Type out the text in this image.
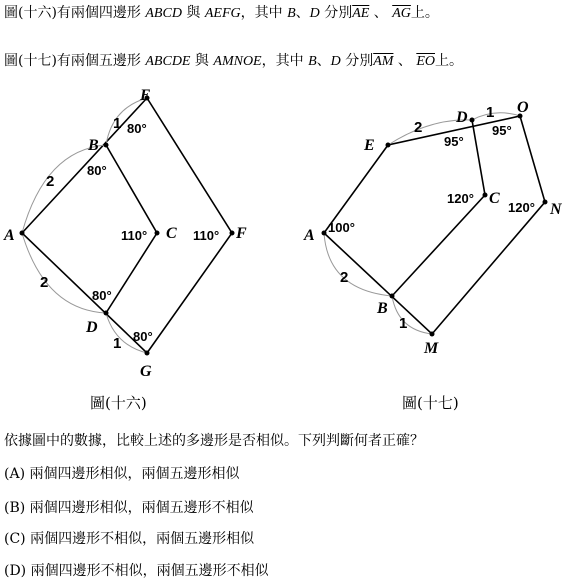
圖(十六)有兩個四邊形 ABCD 與 AEFG，其中 B、D 分別$\overline{AE}$ 、 $\overline{AG}$上。
圖(十七)有兩個五邊形 ABCDE 與 AMNOE，其中 B、D 分別$\overline{AM}$ 、 $\overline{EO}$上。
A
B
E
C	F
D
G
80°
80°
110°	110°
80°
80°
2
1
2
1
A
E
D
O
C
N
B
M
100°
95°
95°
120°
120°
2
1
2
1
圖(十六)	圖(十七)
依據圖中的數據，比較上述的多邊形是否相似。下列判斷何者正確？
(A) 兩個四邊形相似，兩個五邊形相似
(B) 兩個四邊形相似，兩個五邊形不相似
(C) 兩個四邊形不相似，兩個五邊形相似
(D) 兩個四邊形不相似，兩個五邊形不相似
